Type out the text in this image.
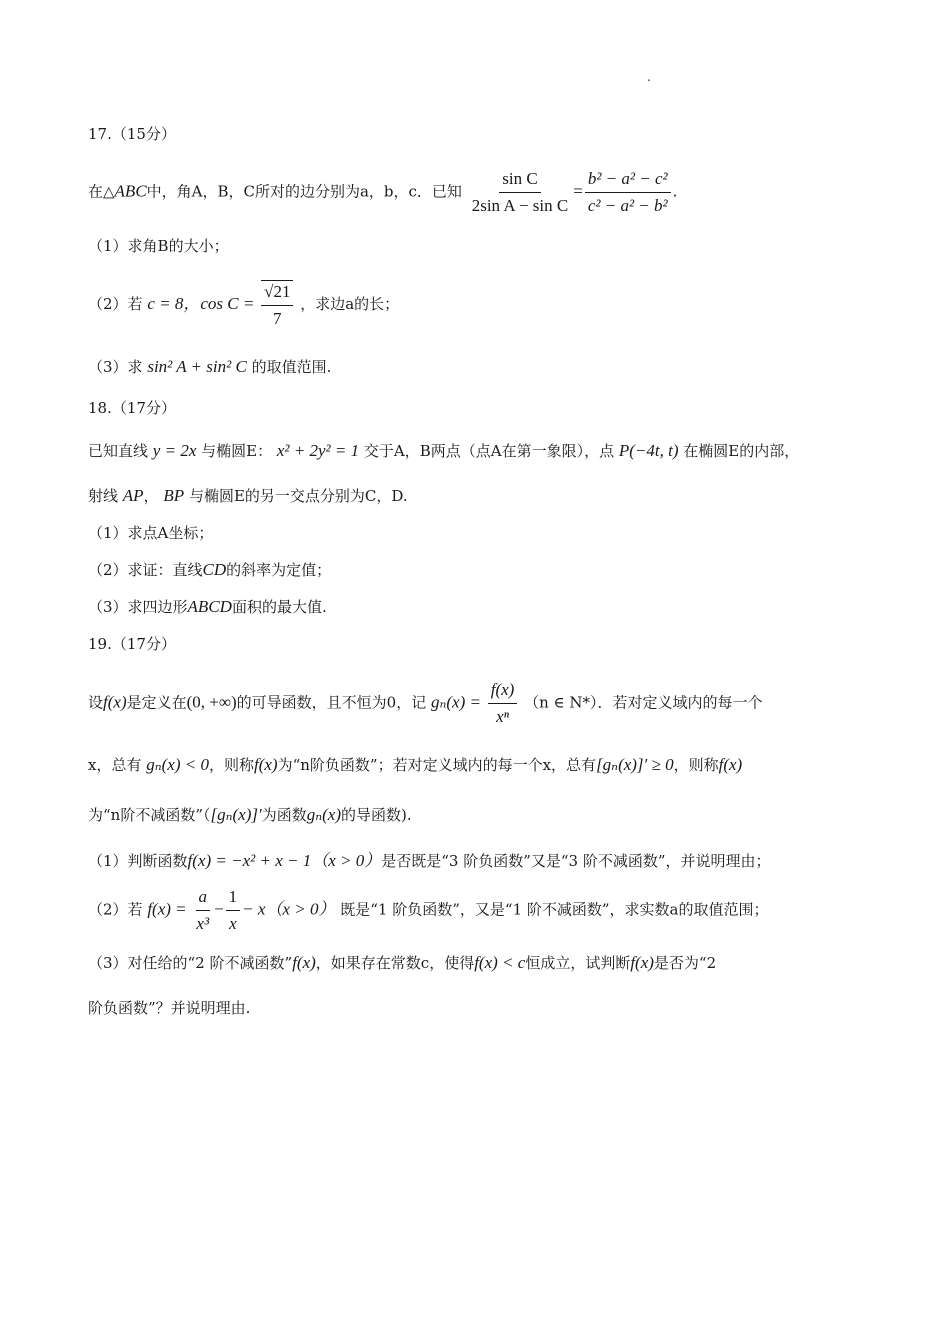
.
17.（15分）
在△ABC中，角A，B，C所对的边分别为a，b，c．已知 $\frac{\text{sin C}}{\text{2sin A − sin C}} = \frac{\text{b² − a² − c²}}{\text{c² − a² − b²}}$ .
（1）求角B的大小；
（2）若 c = 8，$\cos C = \frac{√21}{7}$ ，求边a的长；
（3）求 sin² A + sin² C 的取值范围.
18.（17分）
已知直线 y = 2x 与椭圆E： x² + 2y² = 1 交于A，B两点（点A在第一象限），点 P(−4t, t) 在椭圆E的内部，
射线 AP， BP 与椭圆E的另一交点分别为C，D.
（1）求点A坐标；
（2）求证：直线CD的斜率为定值；
（3）求四边形ABCD面积的最大值.
19.（17分）
设f(x)是定义在(0, +∞)的可导函数，且不恒为0，记 $g_n(x) = \frac{f(x)}{\text{xⁿ}} (n$ ∈ N*）．若对定义域内的每一个
x，总有 gₙ(x) < 0，则称f(x)为“n阶负函数”；若对定义域内的每一个x，总有[gₙ(x)]′ ≥ 0，则称f(x)
为“n阶不减函数”（[gₙ(x)]′为函数gₙ(x)的导函数).
（1）判断函数f(x) = −x² + x − 1（x > 0）是否既是“3 阶负函数”又是“3 阶不减函数”，并说明理由；
（2）若 $f(x) = \frac{a}{\text{x³}} - \frac{1}{x} - x(x > 0)$ 既是“1 阶负函数”，又是“1 阶不减函数”，求实数a的取值范围；
（3）对任给的“2 阶不减函数”f(x)，如果存在常数c，使得f(x) < c恒成立，试判断f(x)是否为“2
阶负函数”？并说明理由.
